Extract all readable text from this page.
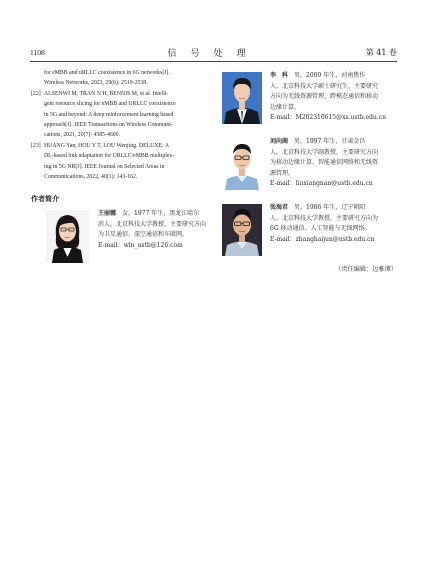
1108	信号处理	第 41 卷
for eMBB and uRLLC coexistence in 6G networks[J].
Wireless Networks, 2023, 29(6): 2519-2538.
[22] ALSENWI M, TRAN N H, BENNIS M, et al. Intelli-
gent resource slicing for eMBB and URLLC coexistence
in 5G and beyond: A deep reinforcement learning based
approach[J]. IEEE Transactions on Wireless Communi-
cations, 2021, 20(7): 4585-4600.
[23] HUANG Yan, HOU Y T, LOU Wenjing. DELUXE: A
DL-based link adaptation for URLLC/eMBB multiplex-
ing in 5G NR[J]. IEEE Journal on Selected Areas in
Communications, 2022, 40(1): 143-162.
作者简介
王丽娜 女，1977 年生，黑龙江哈尔
滨人。北京科技大学教授，主要研究方向
为卫星通信、深空通信和车联网。
E-mail：wln_ustb@126.com
李　科 男，2000 年生，河南焦作
人。北京科技大学硕士研究生，主要研究
方向为无线资源管理、跨模态通信和移动
边缘计算。
E-mail：M202310615@xs.ustb.edu.cn
刘向阁 男，1997 年生，甘肃金昌
人。北京科技大学副教授，主要研究方向
为移动边缘计算、智能通信网络和无线资
源管理。
E-mail：liuxiangnan@ustb.edu.cn
张海君 男，1986 年生，辽宁朝阳
人。北京科技大学教授，主要研究方向为
6G 移动通信、人工智能与无线网络。
E-mail：zhanghaijun@ustb.edu.cn
（责任编辑：边雅谭）
